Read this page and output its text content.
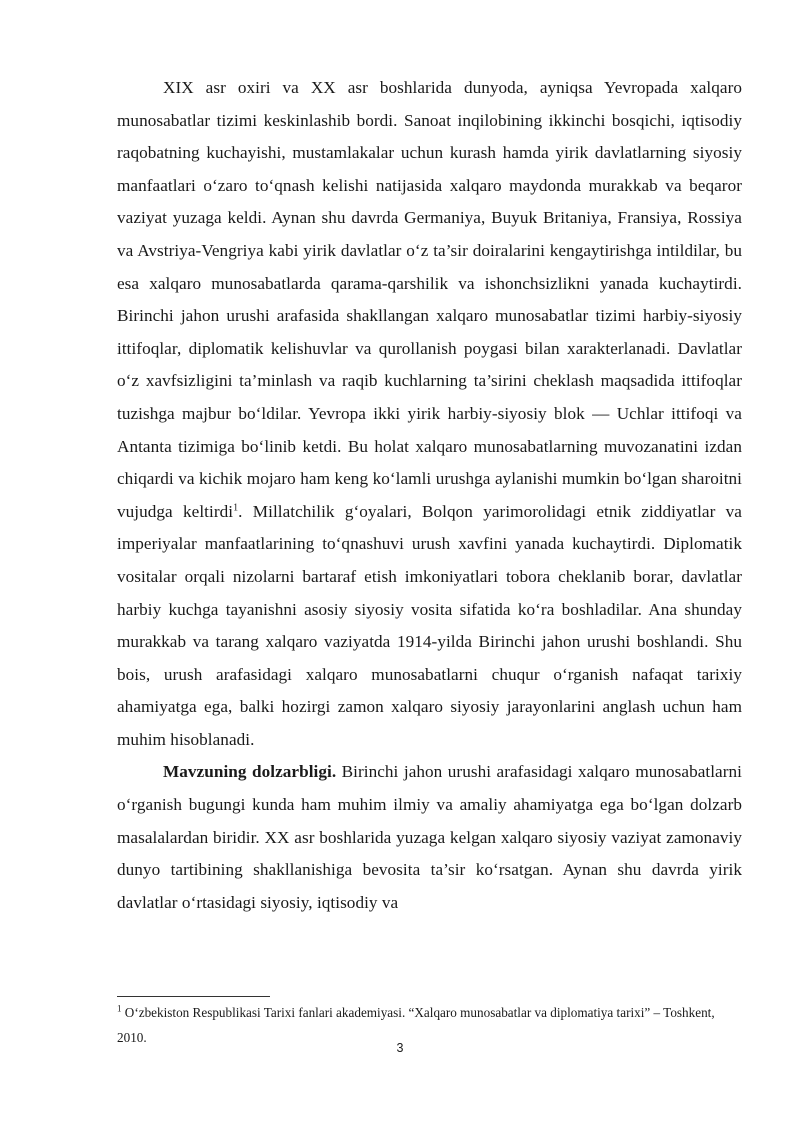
XIX asr oxiri va XX asr boshlarida dunyoda, ayniqsa Yevropada xalqaro munosabatlar tizimi keskinlashib bordi. Sanoat inqilobining ikkinchi bosqichi, iqtisodiy raqobatning kuchayishi, mustamlakalar uchun kurash hamda yirik davlatlarning siyosiy manfaatlari o‘zaro to‘qnash kelishi natijasida xalqaro maydonda murakkab va beqaror vaziyat yuzaga keldi. Aynan shu davrda Germaniya, Buyuk Britaniya, Fransiya, Rossiya va Avstriya-Vengriya kabi yirik davlatlar o‘z ta’sir doiralarini kengaytirishga intildilar, bu esa xalqaro munosabatlarda qarama-qarshilik va ishonchsizlikni yanada kuchaytirdi. Birinchi jahon urushi arafasida shakllangan xalqaro munosabatlar tizimi harbiy-siyosiy ittifoqlar, diplomatik kelishuvlar va qurollanish poygasi bilan xarakterlanadi. Davlatlar o‘z xavfsizligini ta’minlash va raqib kuchlarning ta’sirini cheklash maqsadida ittifoqlar tuzishga majbur bo‘ldilar. Yevropa ikki yirik harbiy-siyosiy blok — Uchlar ittifoqi va Antanta tizimiga bo‘linib ketdi. Bu holat xalqaro munosabatlarning muvozanatini izdan chiqardi va kichik mojaro ham keng ko‘lamli urushga aylanishi mumkin bo‘lgan sharoitni vujudga keltirdi$^1$. Millatchilik g‘oyalari, Bolqon yarimorolidagi etnik ziddiyatlar va imperiyalar manfaatlarining to‘qnashuvi urush xavfini yanada kuchaytirdi. Diplomatik vositalar orqali nizolarni bartaraf etish imkoniyatlari tobora cheklanib borar, davlatlar harbiy kuchga tayanishni asosiy siyosiy vosita sifatida ko‘ra boshladilar. Ana shunday murakkab va tarang xalqaro vaziyatda 1914-yilda Birinchi jahon urushi boshlandi. Shu bois, urush arafasidagi xalqaro munosabatlarni chuqur o‘rganish nafaqat tarixiy ahamiyatga ega, balki hozirgi zamon xalqaro siyosiy jarayonlarini anglash uchun ham muhim hisoblanadi.

Mavzuning dolzarbligi. Birinchi jahon urushi arafasidagi xalqaro munosabatlarni o‘rganish bugungi kunda ham muhim ilmiy va amaliy ahamiyatga ega bo‘lgan dolzarb masalalardan biridir. XX asr boshlarida yuzaga kelgan xalqaro siyosiy vaziyat zamonaviy dunyo tartibining shakllanishiga bevosita ta’sir ko‘rsatgan. Aynan shu davrda yirik davlatlar o‘rtasidagi siyosiy, iqtisodiy va

$^1$ O‘zbekiston Respublikasi Tarixi fanlari akademiyasi. “Xalqaro munosabatlar va diplomatiya tarixi” – Toshkent, 2010.
3
